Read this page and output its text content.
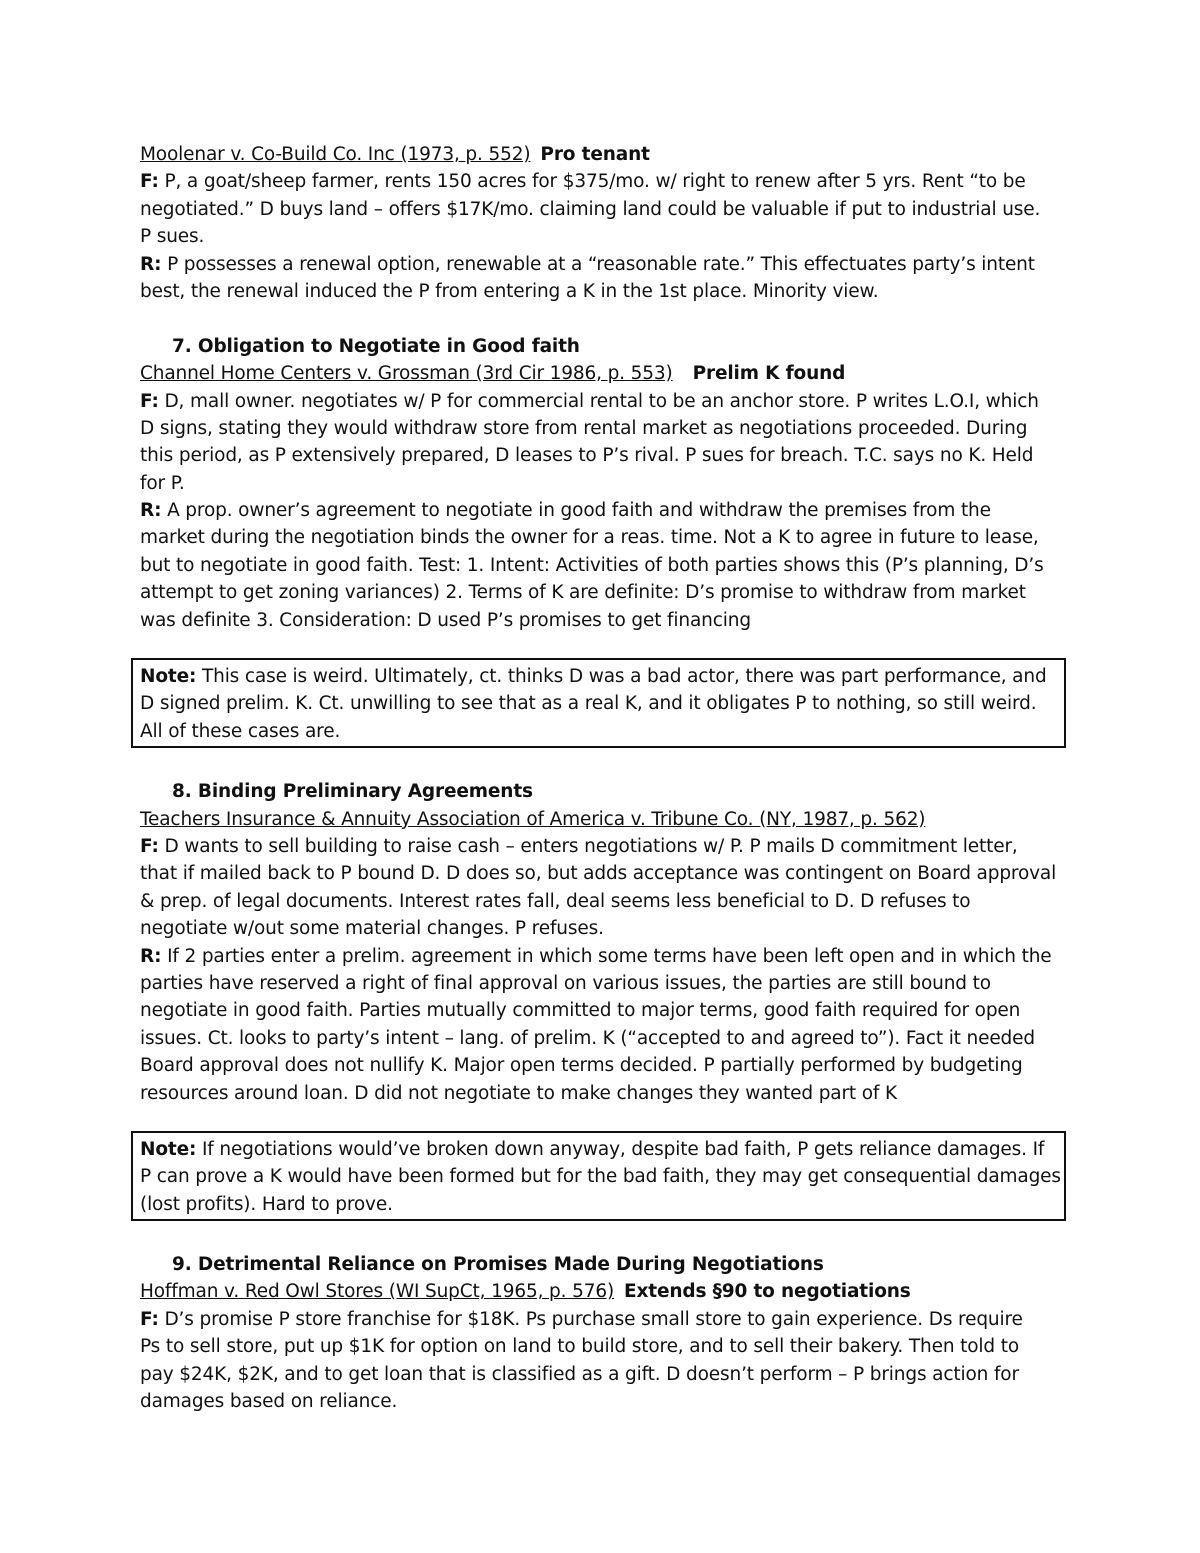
Moolenar v. Co-Build Co. Inc (1973, p. 552) Pro tenant
F: P, a goat/sheep farmer, rents 150 acres for $375/mo. w/ right to renew after 5 yrs. Rent “to be
negotiated.” D buys land – offers $17K/mo. claiming land could be valuable if put to industrial use.
P sues.
R: P possesses a renewal option, renewable at a “reasonable rate.” This effectuates party’s intent
best, the renewal induced the P from entering a K in the 1st place. Minority view.
7. Obligation to Negotiate in Good faith
Channel Home Centers v. Grossman (3rd Cir 1986, p. 553) Prelim K found
F: D, mall owner. negotiates w/ P for commercial rental to be an anchor store. P writes L.O.I, which
D signs, stating they would withdraw store from rental market as negotiations proceeded. During
this period, as P extensively prepared, D leases to P’s rival. P sues for breach. T.C. says no K. Held
for P.
R: A prop. owner’s agreement to negotiate in good faith and withdraw the premises from the
market during the negotiation binds the owner for a reas. time. Not a K to agree in future to lease,
but to negotiate in good faith. Test: 1. Intent: Activities of both parties shows this (P’s planning, D’s
attempt to get zoning variances) 2. Terms of K are definite: D’s promise to withdraw from market
was definite 3. Consideration: D used P’s promises to get financing
Note: This case is weird. Ultimately, ct. thinks D was a bad actor, there was part performance, and
D signed prelim. K. Ct. unwilling to see that as a real K, and it obligates P to nothing, so still weird.
All of these cases are.
8. Binding Preliminary Agreements
Teachers Insurance & Annuity Association of America v. Tribune Co. (NY, 1987, p. 562)
F: D wants to sell building to raise cash – enters negotiations w/ P. P mails D commitment letter,
that if mailed back to P bound D. D does so, but adds acceptance was contingent on Board approval
& prep. of legal documents. Interest rates fall, deal seems less beneficial to D. D refuses to
negotiate w/out some material changes. P refuses.
R: If 2 parties enter a prelim. agreement in which some terms have been left open and in which the
parties have reserved a right of final approval on various issues, the parties are still bound to
negotiate in good faith. Parties mutually committed to major terms, good faith required for open
issues. Ct. looks to party’s intent – lang. of prelim. K (“accepted to and agreed to”). Fact it needed
Board approval does not nullify K. Major open terms decided. P partially performed by budgeting
resources around loan. D did not negotiate to make changes they wanted part of K
Note: If negotiations would’ve broken down anyway, despite bad faith, P gets reliance damages. If
P can prove a K would have been formed but for the bad faith, they may get consequential damages
(lost profits). Hard to prove.
9. Detrimental Reliance on Promises Made During Negotiations
Hoffman v. Red Owl Stores (WI SupCt, 1965, p. 576) Extends §90 to negotiations
F: D’s promise P store franchise for $18K. Ps purchase small store to gain experience. Ds require
Ps to sell store, put up $1K for option on land to build store, and to sell their bakery. Then told to
pay $24K, $2K, and to get loan that is classified as a gift. D doesn’t perform – P brings action for
damages based on reliance.
